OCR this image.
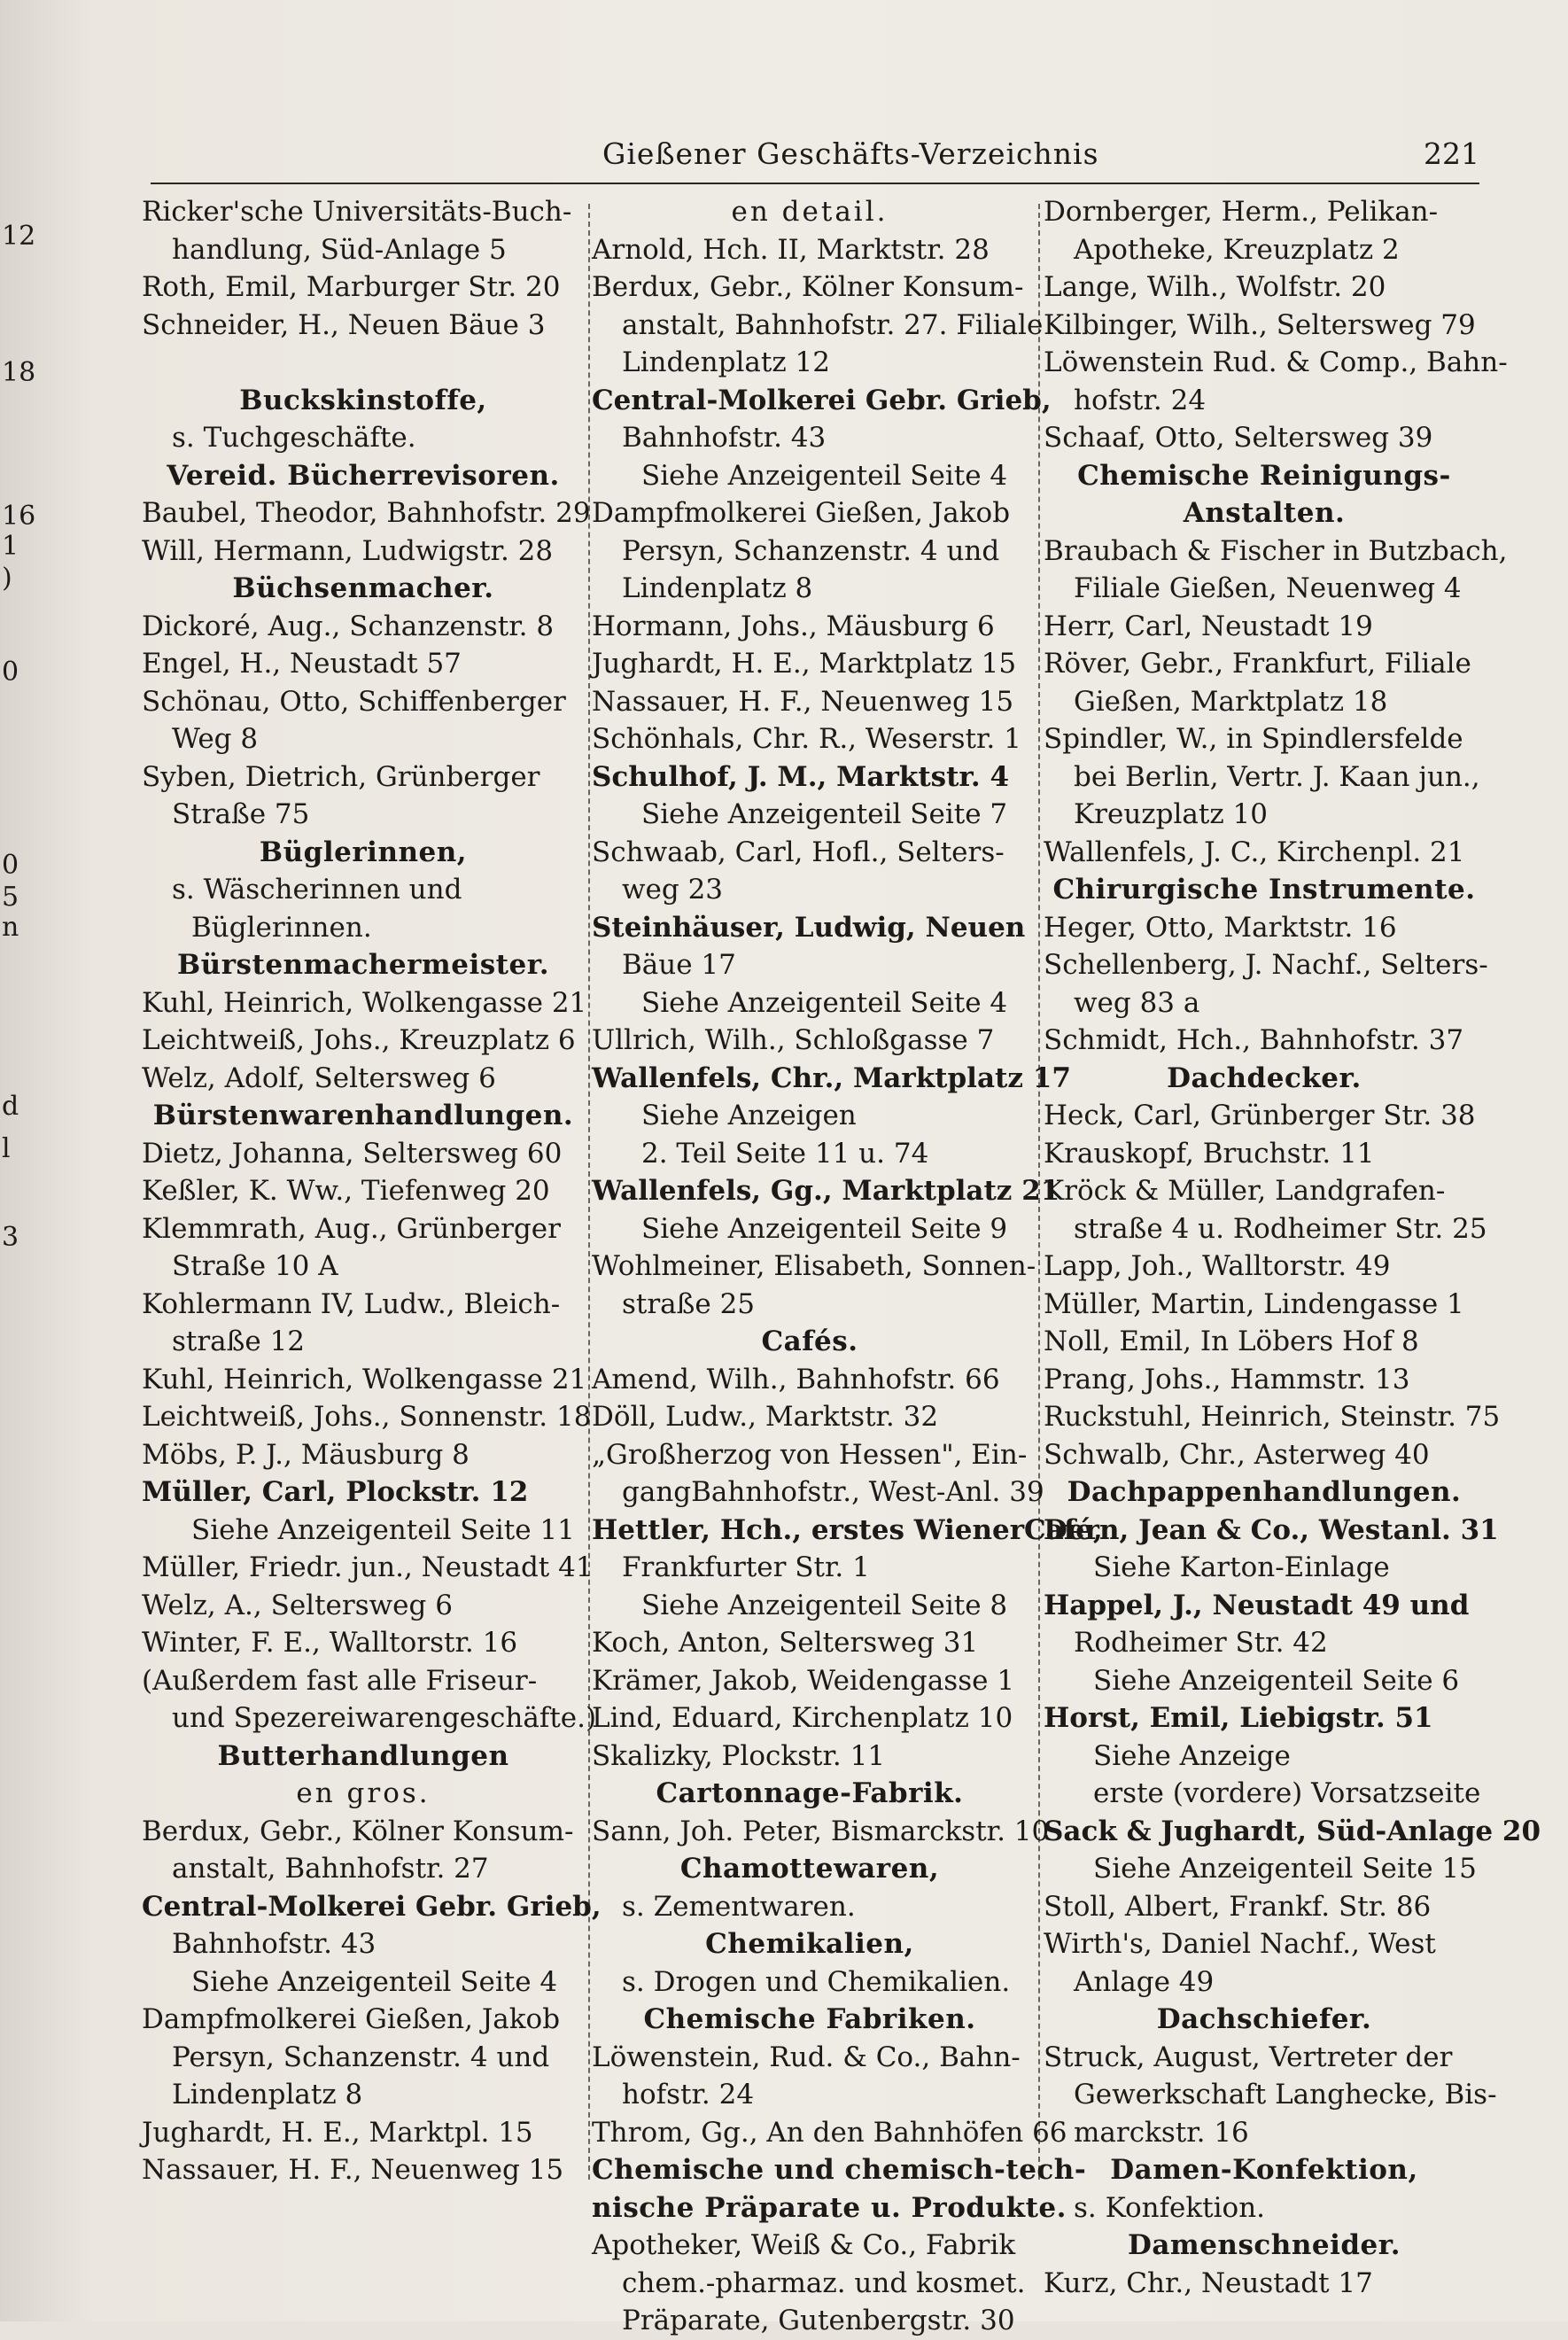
12
18
16
1
)
0
0
5
n
d
l
3
Gießener Geschäfts-Verzeichnis	221
Ricker'sche Universitäts-Buch-
handlung, Süd-Anlage 5
Roth, Emil, Marburger Str. 20
Schneider, H., Neuen Bäue 3

Buckskinstoffe,
s. Tuchgeschäfte.
Vereid. Bücherrevisoren.
Baubel, Theodor, Bahnhofstr. 29
Will, Hermann, Ludwigstr. 28
Büchsenmacher.
Dickoré, Aug., Schanzenstr. 8
Engel, H., Neustadt 57
Schönau, Otto, Schiffenberger
Weg 8
Syben, Dietrich, Grünberger
Straße 75
Büglerinnen,
s. Wäscherinnen und
Büglerinnen.
Bürstenmachermeister.
Kuhl, Heinrich, Wolkengasse 21
Leichtweiß, Johs., Kreuzplatz 6
Welz, Adolf, Seltersweg 6
Bürstenwarenhandlungen.
Dietz, Johanna, Seltersweg 60
Keßler, K. Ww., Tiefenweg 20
Klemmrath, Aug., Grünberger
Straße 10 A
Kohlermann IV, Ludw., Bleich-
straße 12
Kuhl, Heinrich, Wolkengasse 21
Leichtweiß, Johs., Sonnenstr. 18
Möbs, P. J., Mäusburg 8
Müller, Carl, Plockstr. 12
Siehe Anzeigenteil Seite 11
Müller, Friedr. jun., Neustadt 41
Welz, A., Seltersweg 6
Winter, F. E., Walltorstr. 16
(Außerdem fast alle Friseur-
und Spezereiwarengeschäfte.)
Butterhandlungen
en gros.
Berdux, Gebr., Kölner Konsum-
anstalt, Bahnhofstr. 27
Central-Molkerei Gebr. Grieb,
Bahnhofstr. 43
Siehe Anzeigenteil Seite 4
Dampfmolkerei Gießen, Jakob
Persyn, Schanzenstr. 4 und
Lindenplatz 8
Jughardt, H. E., Marktpl. 15
Nassauer, H. F., Neuenweg 15
en detail.
Arnold, Hch. II, Marktstr. 28
Berdux, Gebr., Kölner Konsum-
anstalt, Bahnhofstr. 27. Filiale
Lindenplatz 12
Central-Molkerei Gebr. Grieb,
Bahnhofstr. 43
Siehe Anzeigenteil Seite 4
Dampfmolkerei Gießen, Jakob
Persyn, Schanzenstr. 4 und
Lindenplatz 8
Hormann, Johs., Mäusburg 6
Jughardt, H. E., Marktplatz 15
Nassauer, H. F., Neuenweg 15
Schönhals, Chr. R., Weserstr. 1
Schulhof, J. M., Marktstr. 4
Siehe Anzeigenteil Seite 7
Schwaab, Carl, Hofl., Selters-
weg 23
Steinhäuser, Ludwig, Neuen
Bäue 17
Siehe Anzeigenteil Seite 4
Ullrich, Wilh., Schloßgasse 7
Wallenfels, Chr., Marktplatz 17
Siehe Anzeigen
2. Teil Seite 11 u. 74
Wallenfels, Gg., Marktplatz 21
Siehe Anzeigenteil Seite 9
Wohlmeiner, Elisabeth, Sonnen-
straße 25
Cafés.
Amend, Wilh., Bahnhofstr. 66
Döll, Ludw., Marktstr. 32
„Großherzog von Hessen", Ein-
gangBahnhofstr., West-Anl. 39
Hettler, Hch., erstes WienerCafé,
Frankfurter Str. 1
Siehe Anzeigenteil Seite 8
Koch, Anton, Seltersweg 31
Krämer, Jakob, Weidengasse 1
Lind, Eduard, Kirchenplatz 10
Skalizky, Plockstr. 11
Cartonnage-Fabrik.
Sann, Joh. Peter, Bismarckstr. 10
Chamottewaren,
s. Zementwaren.
Chemikalien,
s. Drogen und Chemikalien.
Chemische Fabriken.
Löwenstein, Rud. & Co., Bahn-
hofstr. 24
Throm, Gg., An den Bahnhöfen 66
Chemische und chemisch-tech-
nische Präparate u. Produkte.
Apotheker, Weiß & Co., Fabrik
chem.-pharmaz. und kosmet.
Präparate, Gutenbergstr. 30
Dornberger, Herm., Pelikan-
Apotheke, Kreuzplatz 2
Lange, Wilh., Wolfstr. 20
Kilbinger, Wilh., Seltersweg 79
Löwenstein Rud. & Comp., Bahn-
hofstr. 24
Schaaf, Otto, Seltersweg 39
Chemische Reinigungs-
Anstalten.
Braubach & Fischer in Butzbach,
Filiale Gießen, Neuenweg 4
Herr, Carl, Neustadt 19
Röver, Gebr., Frankfurt, Filiale
Gießen, Marktplatz 18
Spindler, W., in Spindlersfelde
bei Berlin, Vertr. J. Kaan jun.,
Kreuzplatz 10
Wallenfels, J. C., Kirchenpl. 21
Chirurgische Instrumente.
Heger, Otto, Marktstr. 16
Schellenberg, J. Nachf., Selters-
weg 83 a
Schmidt, Hch., Bahnhofstr. 37
Dachdecker.
Heck, Carl, Grünberger Str. 38
Krauskopf, Bruchstr. 11
Kröck & Müller, Landgrafen-
straße 4 u. Rodheimer Str. 25
Lapp, Joh., Walltorstr. 49
Müller, Martin, Lindengasse 1
Noll, Emil, In Löbers Hof 8
Prang, Johs., Hammstr. 13
Ruckstuhl, Heinrich, Steinstr. 75
Schwalb, Chr., Asterweg 40
Dachpappenhandlungen.
Dern, Jean & Co., Westanl. 31
Siehe Karton-Einlage
Happel, J., Neustadt 49 und
Rodheimer Str. 42
Siehe Anzeigenteil Seite 6
Horst, Emil, Liebigstr. 51
Siehe Anzeige
erste (vordere) Vorsatzseite
Sack & Jughardt, Süd-Anlage 20
Siehe Anzeigenteil Seite 15
Stoll, Albert, Frankf. Str. 86
Wirth's, Daniel Nachf., West
Anlage 49
Dachschiefer.
Struck, August, Vertreter der
Gewerkschaft Langhecke, Bis-
marckstr. 16
Damen-Konfektion,
s. Konfektion.
Damenschneider.
Kurz, Chr., Neustadt 17
